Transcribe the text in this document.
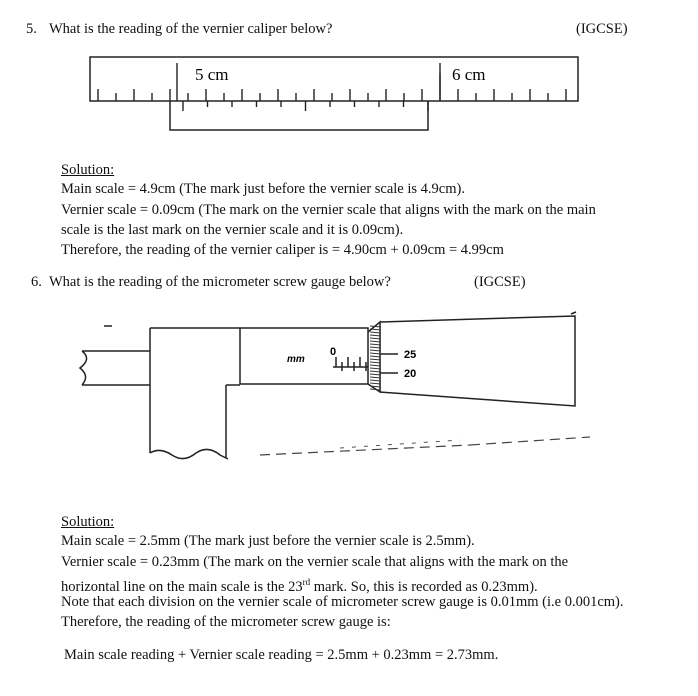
5. What is the reading of the vernier caliper below?	(IGCSE)
5 cm	6 cm
Solution:
Main scale = 4.9cm (The mark just before the vernier scale is 4.9cm).
Vernier scale = 0.09cm (The mark on the vernier scale that aligns with the mark on the main
scale is the last mark on the vernier scale and it is 0.09cm).
Therefore, the reading of the vernier caliper is = 4.90cm + 0.09cm = 4.99cm
6. What is the reading of the micrometer screw gauge below?	(IGCSE)
0
mm	25
20
Solution:
Main scale = 2.5mm (The mark just before the vernier scale is 2.5mm).
Vernier scale = 0.23mm (The mark on the vernier scale that aligns with the mark on the
horizontal line on the main scale is the 23rd mark. So, this is recorded as 0.23mm).
Note that each division on the vernier scale of micrometer screw gauge is 0.01mm (i.e 0.001cm).
Therefore, the reading of the micrometer screw gauge is:
Main scale reading + Vernier scale reading = 2.5mm + 0.23mm = 2.73mm.
